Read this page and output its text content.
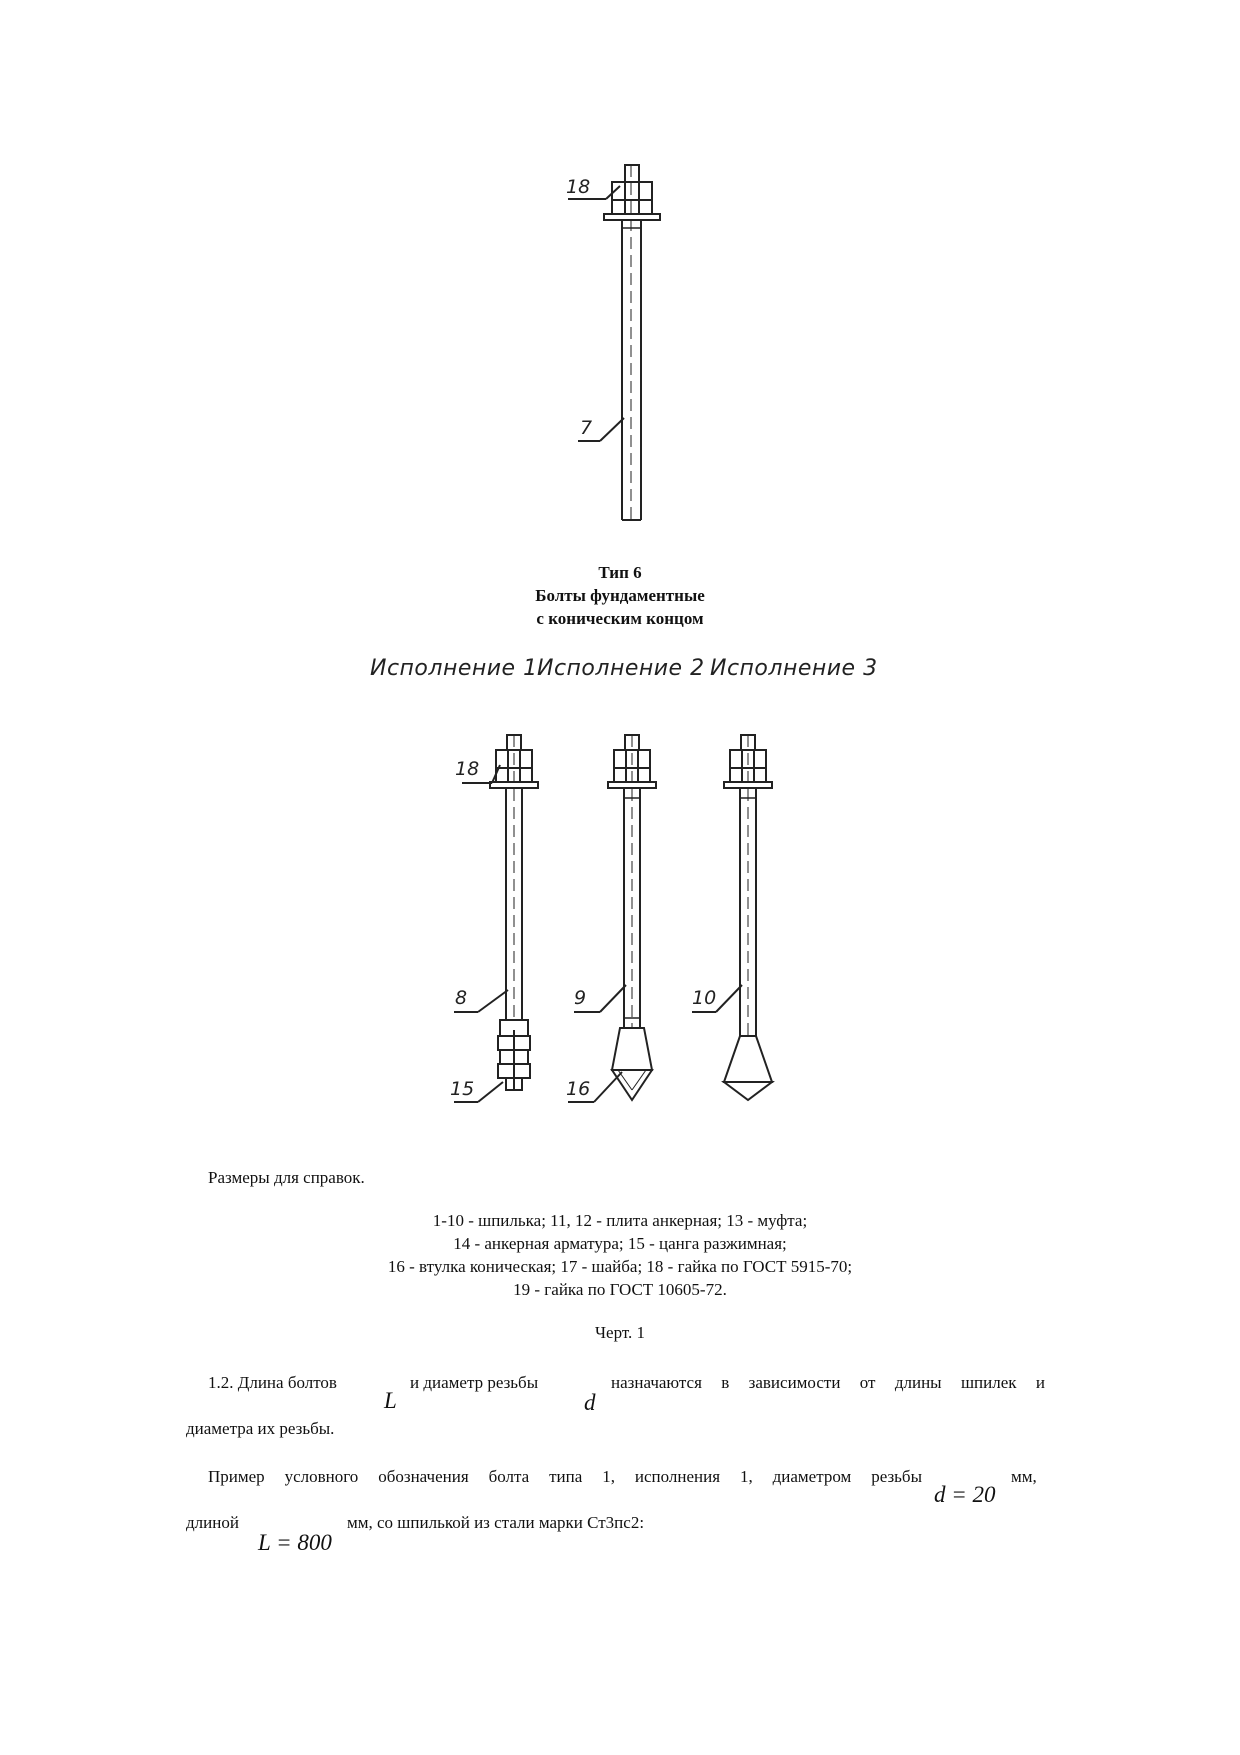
18
7
18
8
15
9
16
10
Тип 6
Болты фундаментные
с коническим концом
Исполнение 1 Исполнение 2 Исполнение 3
Размеры для справок.
1-10 - шпилька; 11, 12 - плита анкерная; 13 - муфта;
14 - анкерная арматура; 15 - цанга разжимная;
16 - втулка коническая; 17 - шайба; 18 - гайка по ГОСТ 5915-70;
19 - гайка по ГОСТ 10605-72.
Черт. 1
1.2. Длина болтов	и диаметр резьбы	назначаются в зависимости от длины шпилек и
L	d
диаметра их резьбы.
Пример условного обозначения болта типа 1, исполнения 1, диаметром резьбы	мм,
d = 20
длиной	мм, со шпилькой из стали марки Ст3пс2:
L = 800
